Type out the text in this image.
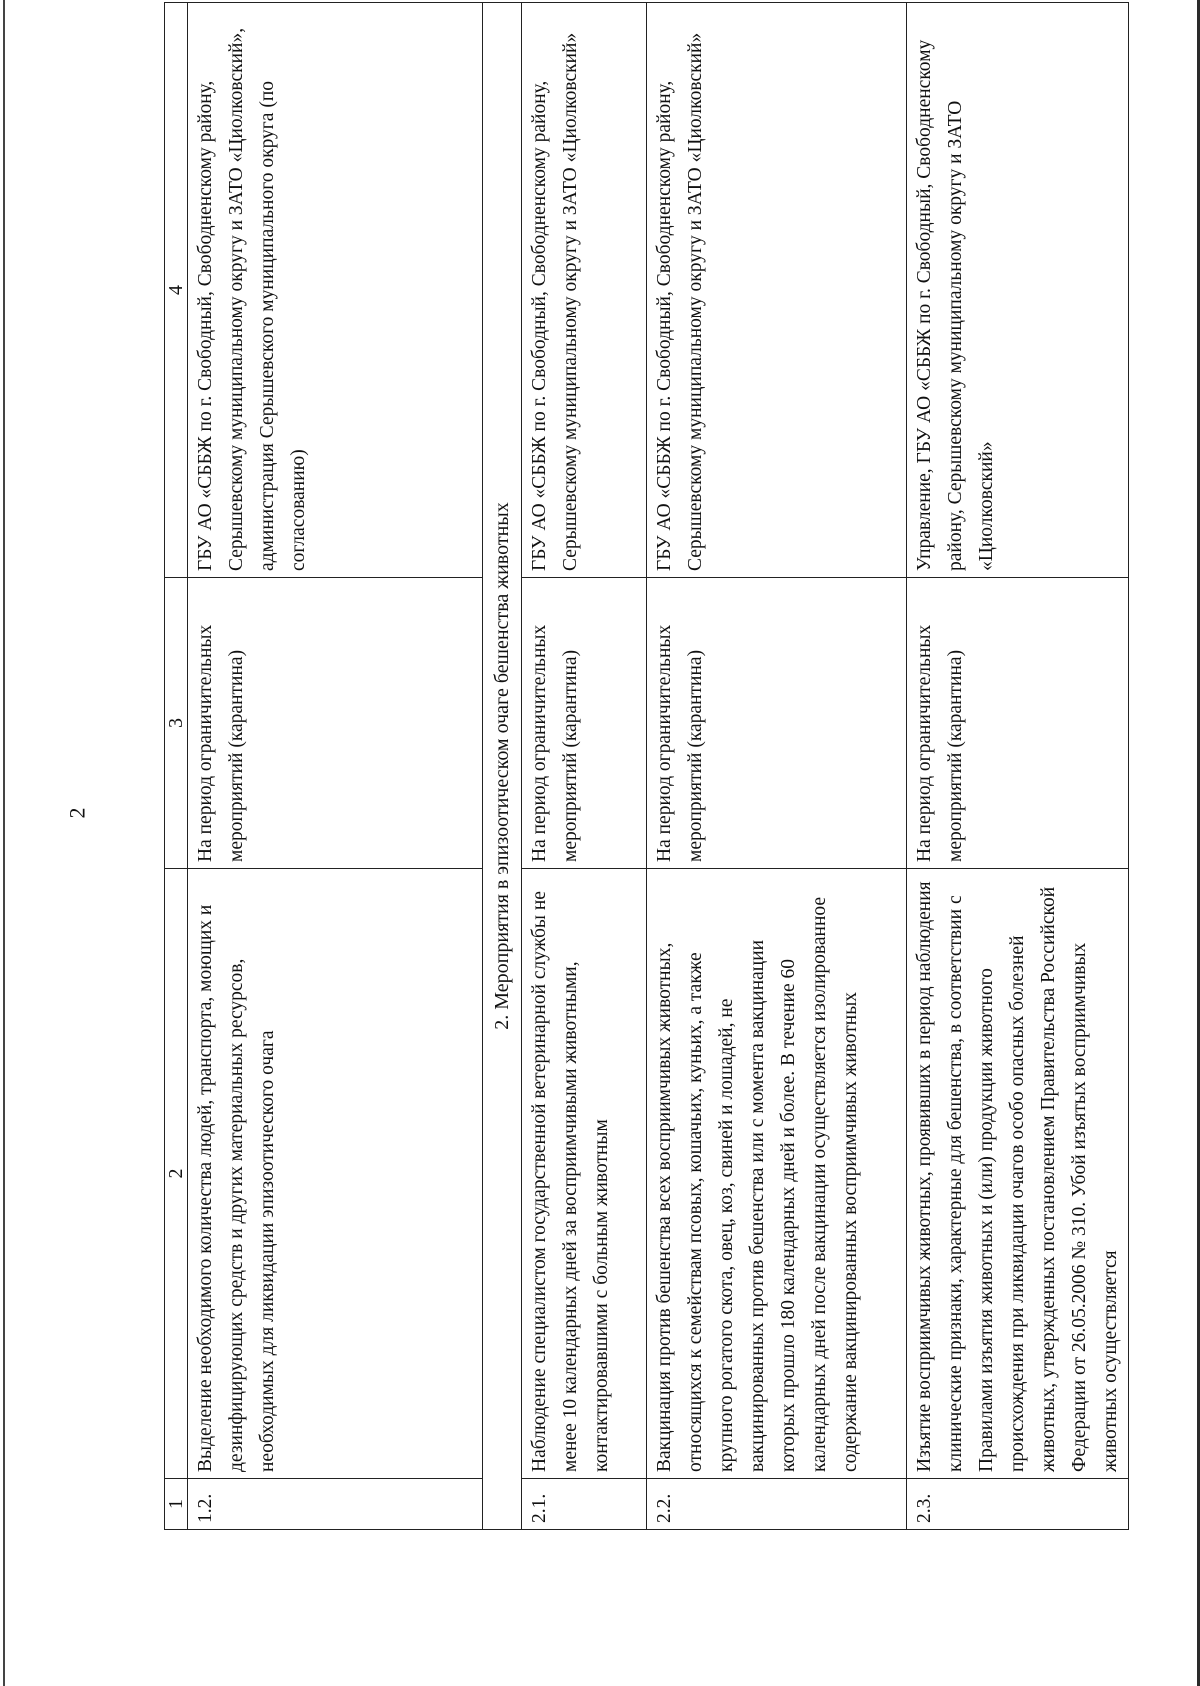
2
1	2	3	4
1.2.	Выделение необходимого количества людей, транспорта, моющих и дезинфицирующих средств и других материальных ресурсов, необходимых для ликвидации эпизоотического очага	На период ограничительных мероприятий (карантина)	ГБУ АО «СББЖ по г. Свободный, Свободненскому району, Серышевскому муниципальному округу и ЗАТО «Циолковский», администрация Серышевского муниципального округа (по согласованию)
2. Мероприятия в эпизоотическом очаге бешенства животных			
2.1.	Наблюдение специалистом государственной ветеринарной службы не менее 10 календарных дней за восприимчивыми животными, контактировавшими с больным животным	На период ограничительных мероприятий (карантина)	ГБУ АО «СББЖ по г. Свободный, Свободненскому району, Серышевскому муниципальному округу и ЗАТО «Циолковский»
2.2.	Вакцинация против бешенства всех восприимчивых животных, относящихся к семействам псовых, кошачьих, куньих, а также крупного рогатого скота, овец, коз, свиней и лошадей, не вакцинированных против бешенства или с момента вакцинации которых прошло 180 календарных дней и более. В течение 60 календарных дней после вакцинации осуществляется изолированное содержание вакцинированных восприимчивых животных	На период ограничительных мероприятий (карантина)	ГБУ АО «СББЖ по г. Свободный, Свободненскому району, Серышевскому муниципальному округу и ЗАТО «Циолковский»
2.3.	Изъятие восприимчивых животных, проявивших в период наблюдения клинические признаки, характерные для бешенства, в соответствии с Правилами изъятия животных и (или) продукции животного происхождения при ликвидации очагов особо опасных болезней животных, утвержденных постановлением Правительства Российской Федерации от 26.05.2006 № 310. Убой изъятых восприимчивых животных осуществляется	На период ограничительных мероприятий (карантина)	Управление, ГБУ АО «СББЖ по г. Свободный, Свободненскому району, Серышевскому муниципальному округу и ЗАТО «Циолковский»
